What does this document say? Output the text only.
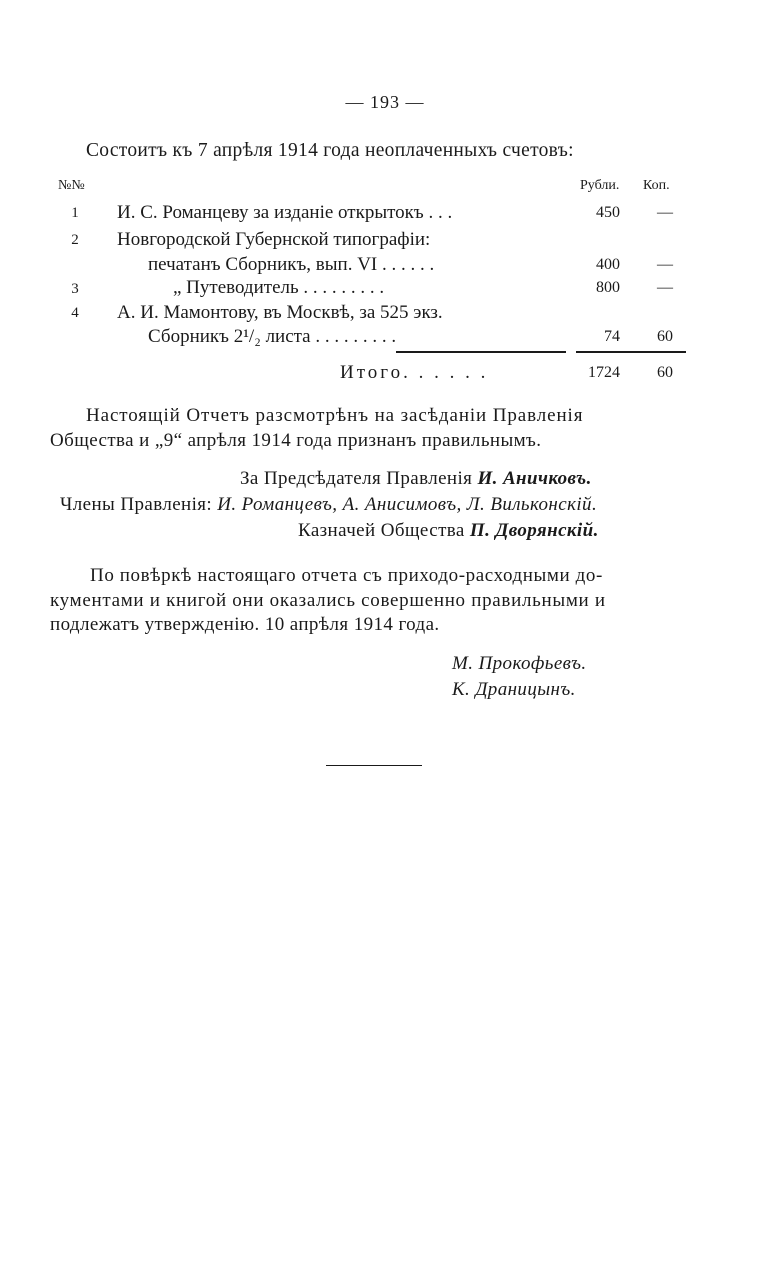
— 193 —
Состоитъ къ 7 апрѣля 1914 года неоплаченныхъ счетовъ:
№№	Рубли. Коп.
1	И. С. Романцеву за изданіе открытокъ . . .	450	—
2	Новгородской Губернской типографіи:
печатанъ Сборникъ, вып. VI . . . . . .	400	—
3	„ Путеводитель . . . . . . . . .	800	—
4	А. И. Мамонтову, въ Москвѣ, за 525 экз.
Сборникъ 2¹/₂ листа . . . . . . . . .	74	60
Итого. . . . . .	1724	60
Настоящій Отчетъ разсмотрѣнъ на засѣданіи Правленія
Общества и „9“ апрѣля 1914 года признанъ правильнымъ.
За Предсѣдателя Правленія И. Аничковъ.
Члены Правленія: И. Романцевъ, А. Анисимовъ, Л. Вильконскій.
Казначей Общества П. Дворянскій.
По повѣркѣ настоящаго отчета съ приходо-расходными до-
кументами и книгой они оказались совершенно правильными и
подлежатъ утвержденію. 10 апрѣля 1914 года.
М. Прокофьевъ.
К. Драницынъ.
